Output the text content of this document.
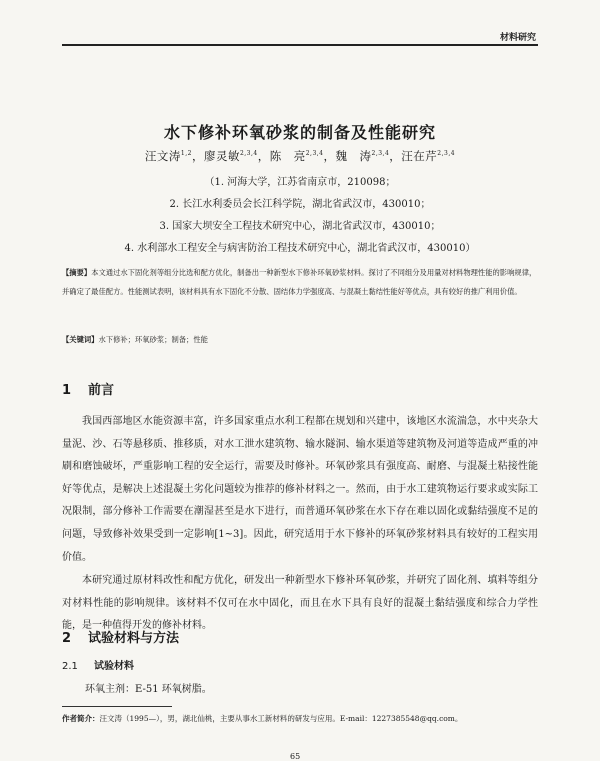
材料研究
水下修补环氧砂浆的制备及性能研究
汪文涛$^{1,2}$，廖灵敏$^{2,3,4}$，陈　亮$^{2,3,4}$，魏　涛$^{2,3,4}$，汪在芹$^{2,3,4}$
（1. 河海大学，江苏省南京市，210098；
2. 长江水利委员会长江科学院，湖北省武汉市，430010；
3. 国家大坝安全工程技术研究中心，湖北省武汉市，430010；
4. 水利部水工程安全与病害防治工程技术研究中心，湖北省武汉市，430010）
【摘要】本文通过水下固化剂等组分比选和配方优化，制备出一种新型水下修补环氧砂浆材料。探讨了不同组分及用量对材料物理性能的影响规律，并确定了最佳配方。性能测试表明，该材料具有水下固化不分散、固结体力学强度高、与混凝土黏结性能好等优点，具有较好的推广利用价值。
【关键词】水下修补；环氧砂浆；制备；性能
1 前言
我国西部地区水能资源丰富，许多国家重点水利工程都在规划和兴建中，该地区水流湍急，水中夹杂大量泥、沙、石等悬移质、推移质，对水工泄水建筑物、输水隧洞、输水渠道等建筑物及河道等造成严重的冲刷和磨蚀破坏，严重影响工程的安全运行，需要及时修补。环氧砂浆具有强度高、耐磨、与混凝土粘接性能好等优点，是解决上述混凝土劣化问题较为推荐的修补材料之一。然而，由于水工建筑物运行要求或实际工况限制，部分修补工作需要在潮湿甚至是水下进行，而普通环氧砂浆在水下存在难以固化或黏结强度不足的问题，导致修补效果受到一定影响[1~3]。因此，研究适用于水下修补的环氧砂浆材料具有较好的工程实用价值。
本研究通过原材料改性和配方优化，研发出一种新型水下修补环氧砂浆，并研究了固化剂、填料等组分对材料性能的影响规律。该材料不仅可在水中固化，而且在水下具有良好的混凝土黏结强度和综合力学性能，是一种值得开发的修补材料。
2 试验材料与方法
2.1 试验材料
环氧主剂：E-51 环氧树脂。
作者简介：汪文涛（1995—），男，湖北仙桃，主要从事水工新材料的研发与应用。E-mail：1227385548@qq.com。
65
